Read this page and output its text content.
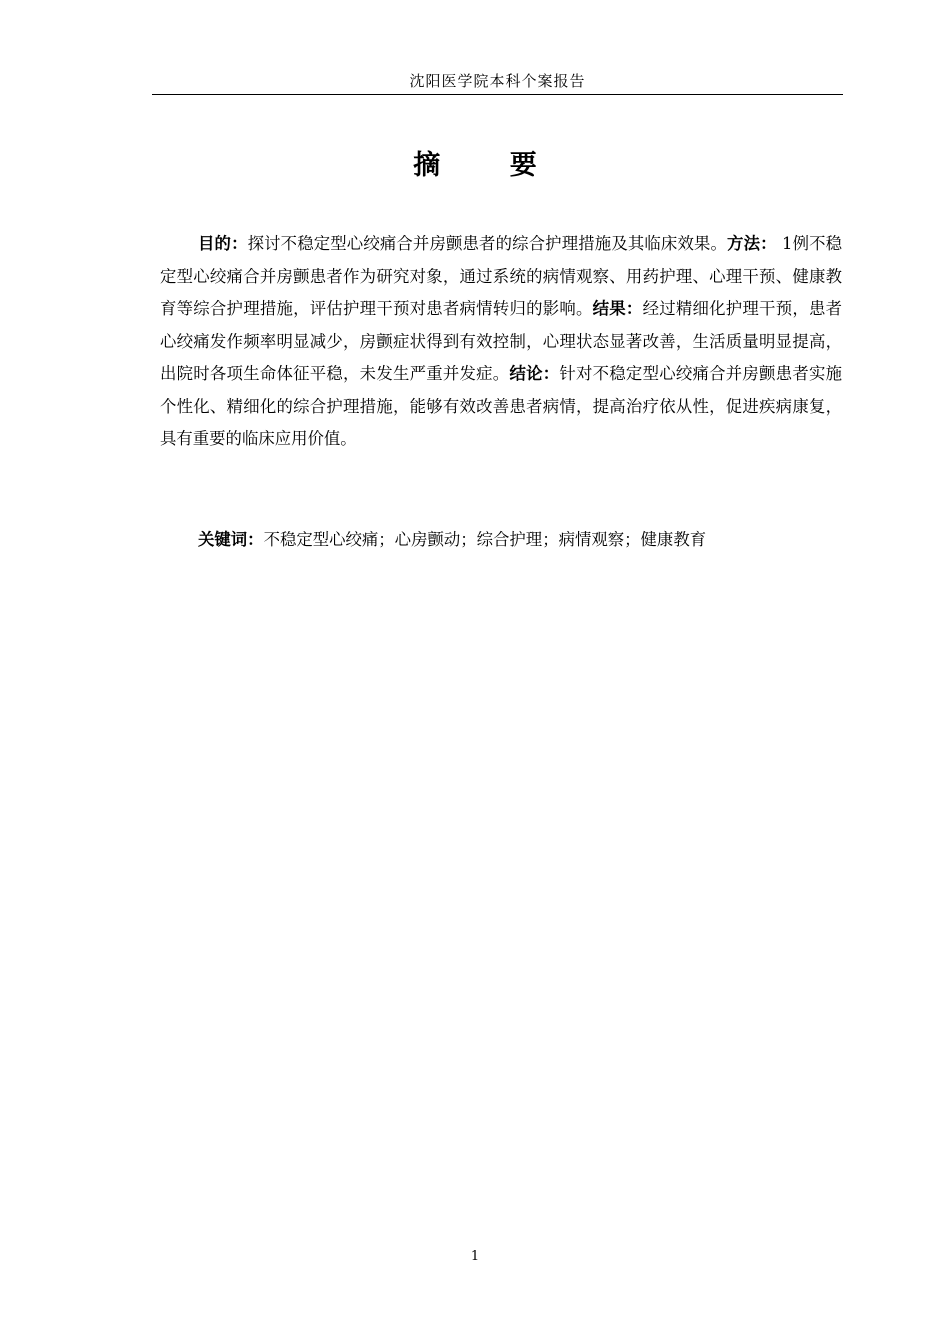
沈阳医学院本科个案报告
摘 要

目的：探讨不稳定型心绞痛合并房颤患者的综合护理措施及其临床效果。方法： 1例不稳定型心绞痛合并房颤患者作为研究对象，通过系统的病情观察、用药护理、心理干预、健康教育等综合护理措施，评估护理干预对患者病情转归的影响。结果：经过精细化护理干预，患者心绞痛发作频率明显减少，房颤症状得到有效控制，心理状态显著改善，生活质量明显提高，出院时各项生命体征平稳，未发生严重并发症。结论：针对不稳定型心绞痛合并房颤患者实施个性化、精细化的综合护理措施，能够有效改善患者病情，提高治疗依从性，促进疾病康复，具有重要的临床应用价值。

关键词：不稳定型心绞痛；心房颤动；综合护理；病情观察；健康教育

1
